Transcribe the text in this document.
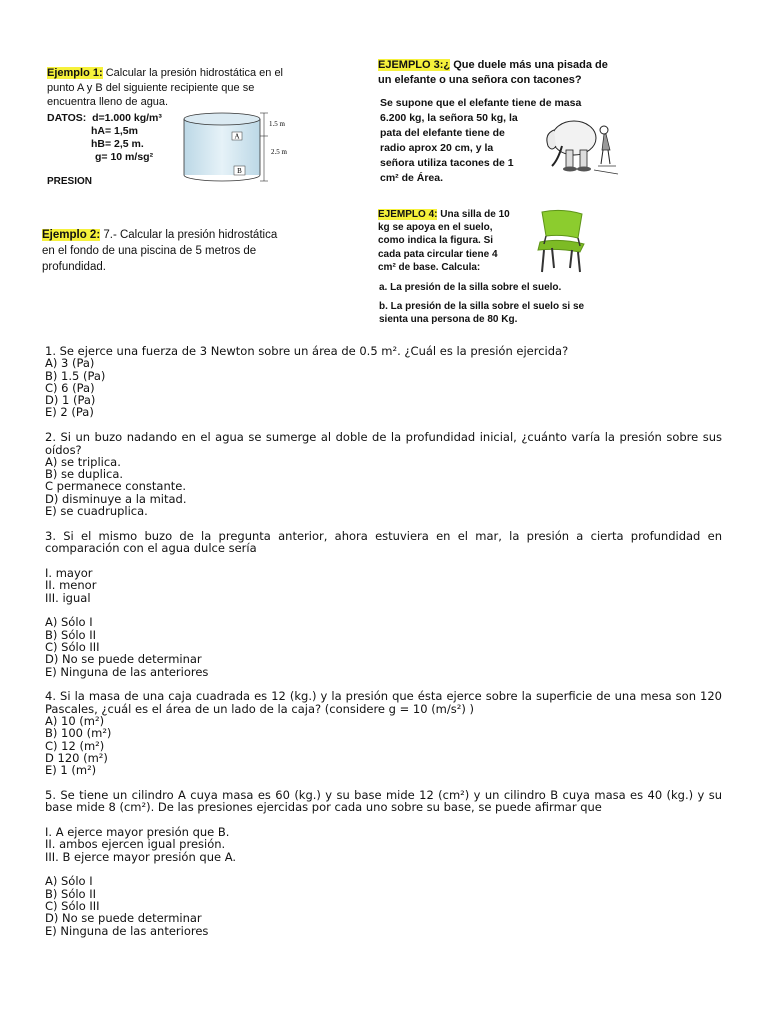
Ejemplo 1: Calcular la presión hidrostática en el punto A y B del siguiente recipiente que se encuentra lleno de agua.
DATOS: d=1.000 kg/m³
hA= 1,5m
hB= 2,5 m.
g= 10 m/sg²
PRESION
A
B
1.5 m
2.5 m
Ejemplo 2: 7.- Calcular la presión hidrostática en el fondo de una piscina de 5 metros de profundidad.
EJEMPLO 3:¿ Que duele más una pisada de
un elefante o una señora con tacones?
Se supone que el elefante tiene de masa
6.200 kg, la señora 50 kg, la
pata del elefante tiene de
radio aprox 20 cm, y la
señora utiliza tacones de 1
cm² de Área.
EJEMPLO 4: Una silla de 10
kg se apoya en el suelo,
como indica la figura. Si
cada pata circular tiene 4
cm² de base. Calcula:
a. La presión de la silla sobre el suelo.
b. La presión de la silla sobre el suelo si se
sienta una persona de 80 Kg.
1. Se ejerce una fuerza de 3 Newton sobre un área de 0.5 m². ¿Cuál es la presión ejercida?
A) 3 (Pa)
B) 1.5 (Pa)
C) 6 (Pa)
D) 1 (Pa)
E) 2 (Pa)
2. Si un buzo nadando en el agua se sumerge al doble de la profundidad inicial, ¿cuánto varía la presión sobre sus oídos?
A) se triplica.
B) se duplica.
C permanece constante.
D) disminuye a la mitad.
E) se cuadruplica.
3. Si el mismo buzo de la pregunta anterior, ahora estuviera en el mar, la presión a cierta profundidad en comparación con el agua dulce sería
I. mayor
II. menor
III. igual
A) Sólo I
B) Sólo II
C) Sólo III
D) No se puede determinar
E) Ninguna de las anteriores
4. Si la masa de una caja cuadrada es 12 (kg.) y la presión que ésta ejerce sobre la superficie de una mesa son 120 Pascales, ¿cuál es el área de un lado de la caja? (considere g = 10 (m/s²) )
A) 10 (m²)
B) 100 (m²)
C) 12 (m²)
D 120 (m²)
E) 1 (m²)
5. Se tiene un cilindro A cuya masa es 60 (kg.) y su base mide 12 (cm²) y un cilindro B cuya masa es 40 (kg.) y su base mide 8 (cm²). De las presiones ejercidas por cada uno sobre su base, se puede afirmar que
I. A ejerce mayor presión que B.
II. ambos ejercen igual presión.
III. B ejerce mayor presión que A.
A) Sólo I
B) Sólo II
C) Sólo III
D) No se puede determinar
E) Ninguna de las anteriores
